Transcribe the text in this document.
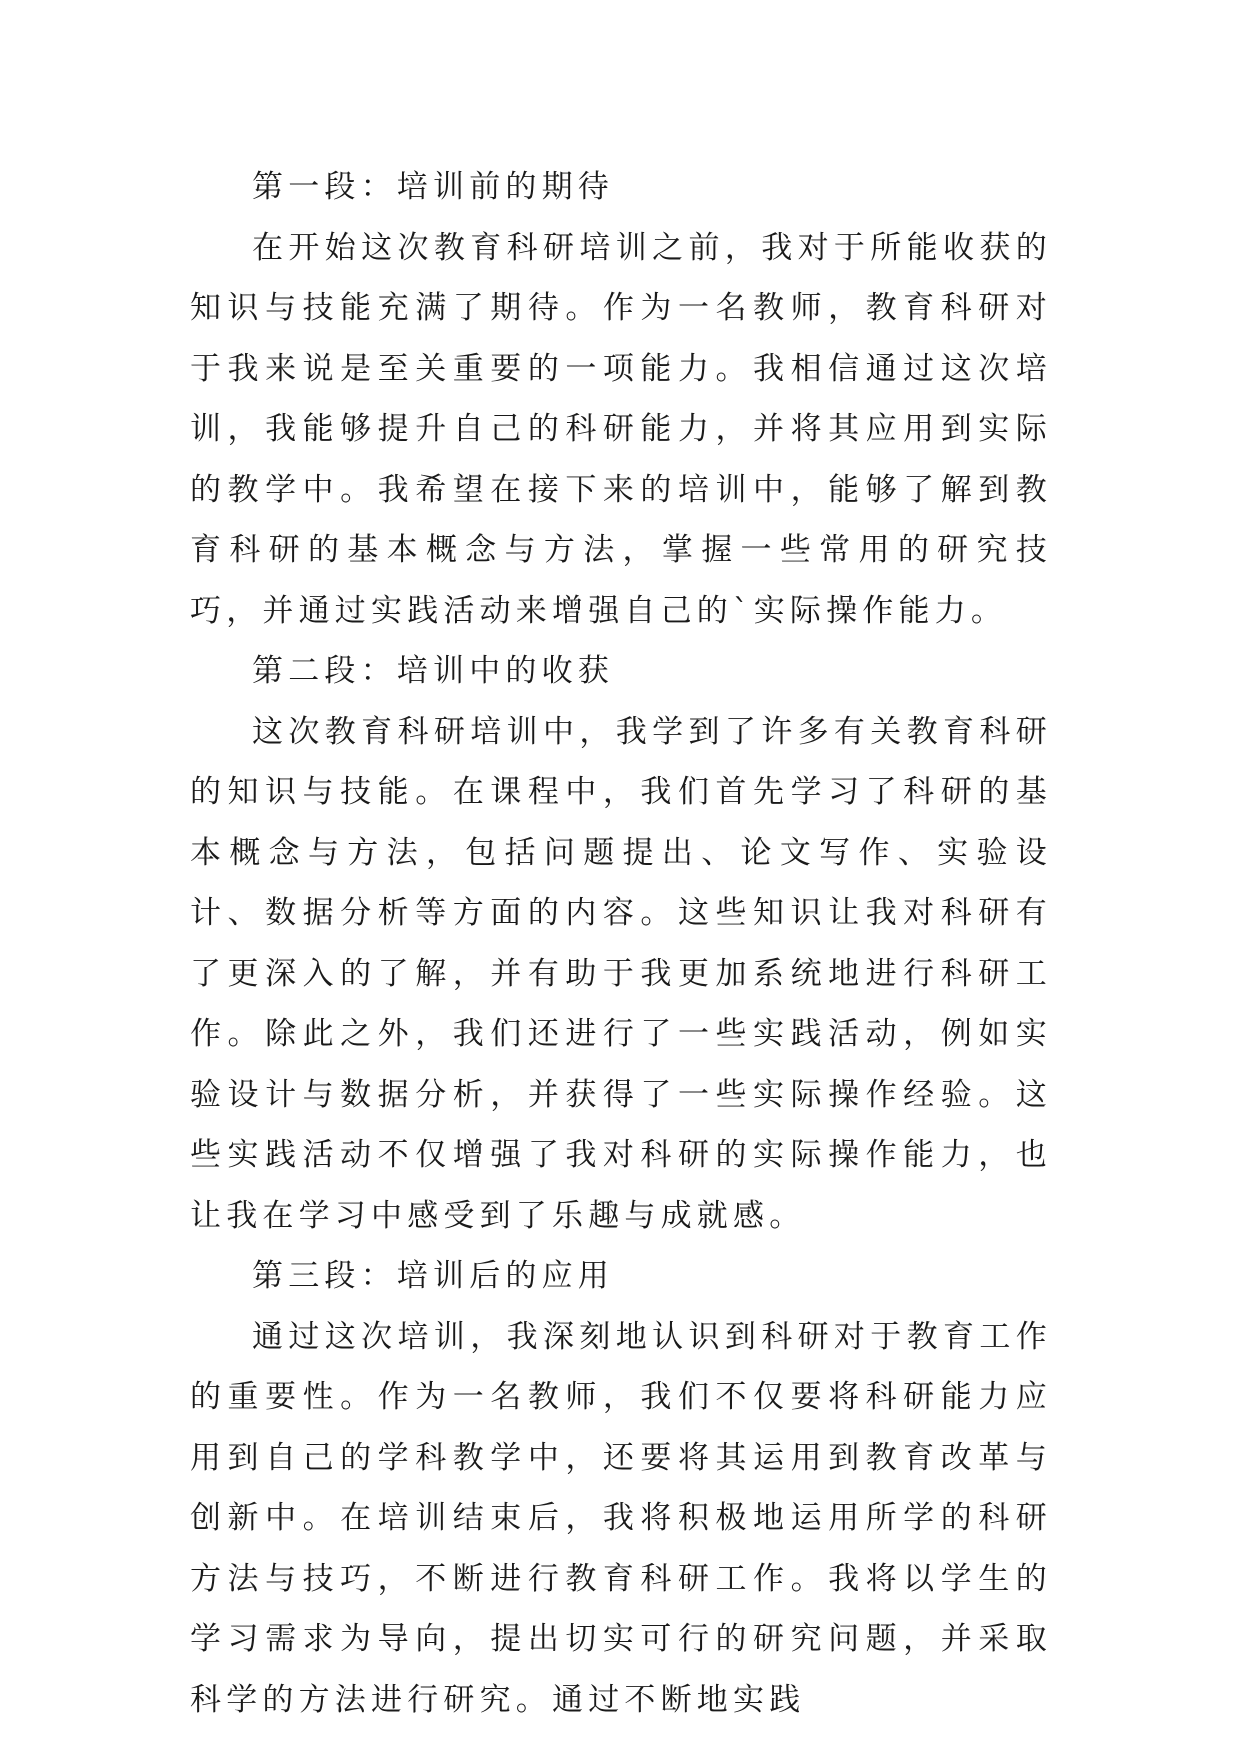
第一段：培训前的期待

在开始这次教育科研培训之前，我对于所能收获的知识与技能充满了期待。作为一名教师，教育科研对于我来说是至关重要的一项能力。我相信通过这次培训，我能够提升自己的科研能力，并将其应用到实际的教学中。我希望在接下来的培训中，能够了解到教育科研的基本概念与方法，掌握一些常用的研究技巧，并通过实践活动来增强自己的`实际操作能力。

第二段：培训中的收获

这次教育科研培训中，我学到了许多有关教育科研的知识与技能。在课程中，我们首先学习了科研的基本概念与方法，包括问题提出、论文写作、实验设计、数据分析等方面的内容。这些知识让我对科研有了更深入的了解，并有助于我更加系统地进行科研工作。除此之外，我们还进行了一些实践活动，例如实验设计与数据分析，并获得了一些实际操作经验。这些实践活动不仅增强了我对科研的实际操作能力，也让我在学习中感受到了乐趣与成就感。

第三段：培训后的应用

通过这次培训，我深刻地认识到科研对于教育工作的重要性。作为一名教师，我们不仅要将科研能力应用到自己的学科教学中，还要将其运用到教育改革与创新中。在培训结束后，我将积极地运用所学的科研方法与技巧，不断进行教育科研工作。我将以学生的学习需求为导向，提出切实可行的研究问题，并采取科学的方法进行研究。通过不断地实践
